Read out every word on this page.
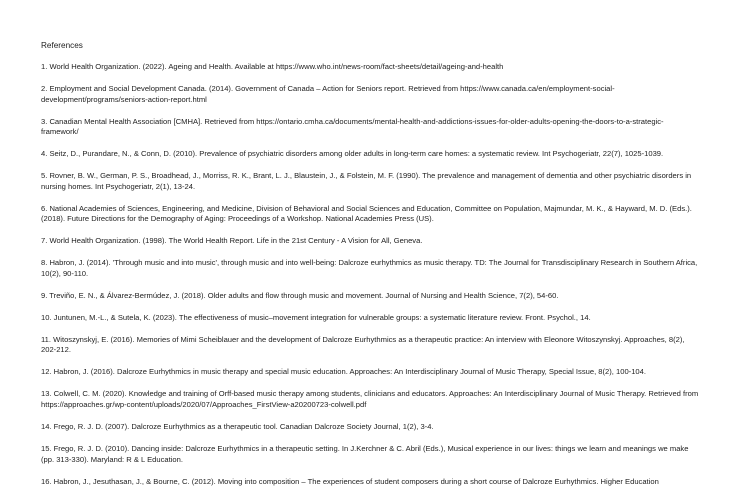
References
1. World Health Organization. (2022). Ageing and Health. Available at https://www.who.int/news-room/fact-sheets/detail/ageing-and-health
2. Employment and Social Development Canada. (2014). Government of Canada – Action for Seniors report. Retrieved from https://www.canada.ca/en/employment-social-development/programs/seniors-action-report.html
3. Canadian Mental Health Association [CMHA]. Retrieved from https://ontario.cmha.ca/documents/mental-health-and-addictions-issues-for-older-adults-opening-the-doors-to-a-strategic-framework/
4. Seitz, D., Purandare, N., & Conn, D. (2010). Prevalence of psychiatric disorders among older adults in long-term care homes: a systematic review. Int Psychogeriatr, 22(7), 1025-1039.
5. Rovner, B. W., German, P. S., Broadhead, J., Morriss, R. K., Brant, L. J., Blaustein, J., & Folstein, M. F. (1990). The prevalence and management of dementia and other psychiatric disorders in nursing homes. Int Psychogeriatr, 2(1), 13-24.
6. National Academies of Sciences, Engineering, and Medicine, Division of Behavioral and Social Sciences and Education, Committee on Population, Majmundar, M. K., & Hayward, M. D. (Eds.). (2018). Future Directions for the Demography of Aging: Proceedings of a Workshop. National Academies Press (US).
7. World Health Organization. (1998). The World Health Report. Life in the 21st Century - A Vision for All, Geneva.
8. Habron, J. (2014). 'Through music and into music', through music and into well-being: Dalcroze eurhythmics as music therapy. TD: The Journal for Transdisciplinary Research in Southern Africa, 10(2), 90-110.
9. Treviño, E. N., & Álvarez-Bermúdez, J. (2018). Older adults and flow through music and movement. Journal of Nursing and Health Science, 7(2), 54-60.
10. Juntunen, M.-L., & Sutela, K. (2023). The effectiveness of music–movement integration for vulnerable groups: a systematic literature review. Front. Psychol., 14.
11. Witoszynskyj, E. (2016). Memories of Mimi Scheiblauer and the development of Dalcroze Eurhythmics as a therapeutic practice: An interview with Eleonore Witoszynskyj. Approaches, 8(2), 202-212.
12. Habron, J. (2016). Dalcroze Eurhythmics in music therapy and special music education. Approaches: An Interdisciplinary Journal of Music Therapy, Special Issue, 8(2), 100-104.
13. Colwell, C. M. (2020). Knowledge and training of Orff-based music therapy among students, clinicians and educators. Approaches: An Interdisciplinary Journal of Music Therapy. Retrieved from https://approaches.gr/wp-content/uploads/2020/07/Approaches_FirstView-a20200723-colwell.pdf
14. Frego, R. J. D. (2007). Dalcroze Eurhythmics as a therapeutic tool. Canadian Dalcroze Society Journal, 1(2), 3-4.
15. Frego, R. J. D. (2010). Dancing inside: Dalcroze Eurhythmics in a therapeutic setting. In J.Kerchner & C. Abril (Eds.), Musical experience in our lives: things we learn and meanings we make (pp. 313-330). Maryland: R & L Education.
16. Habron, J., Jesuthasan, J., & Bourne, C. (2012). Moving into composition – The experiences of student composers during a short course of Dalcroze Eurhythmics. Higher Education
